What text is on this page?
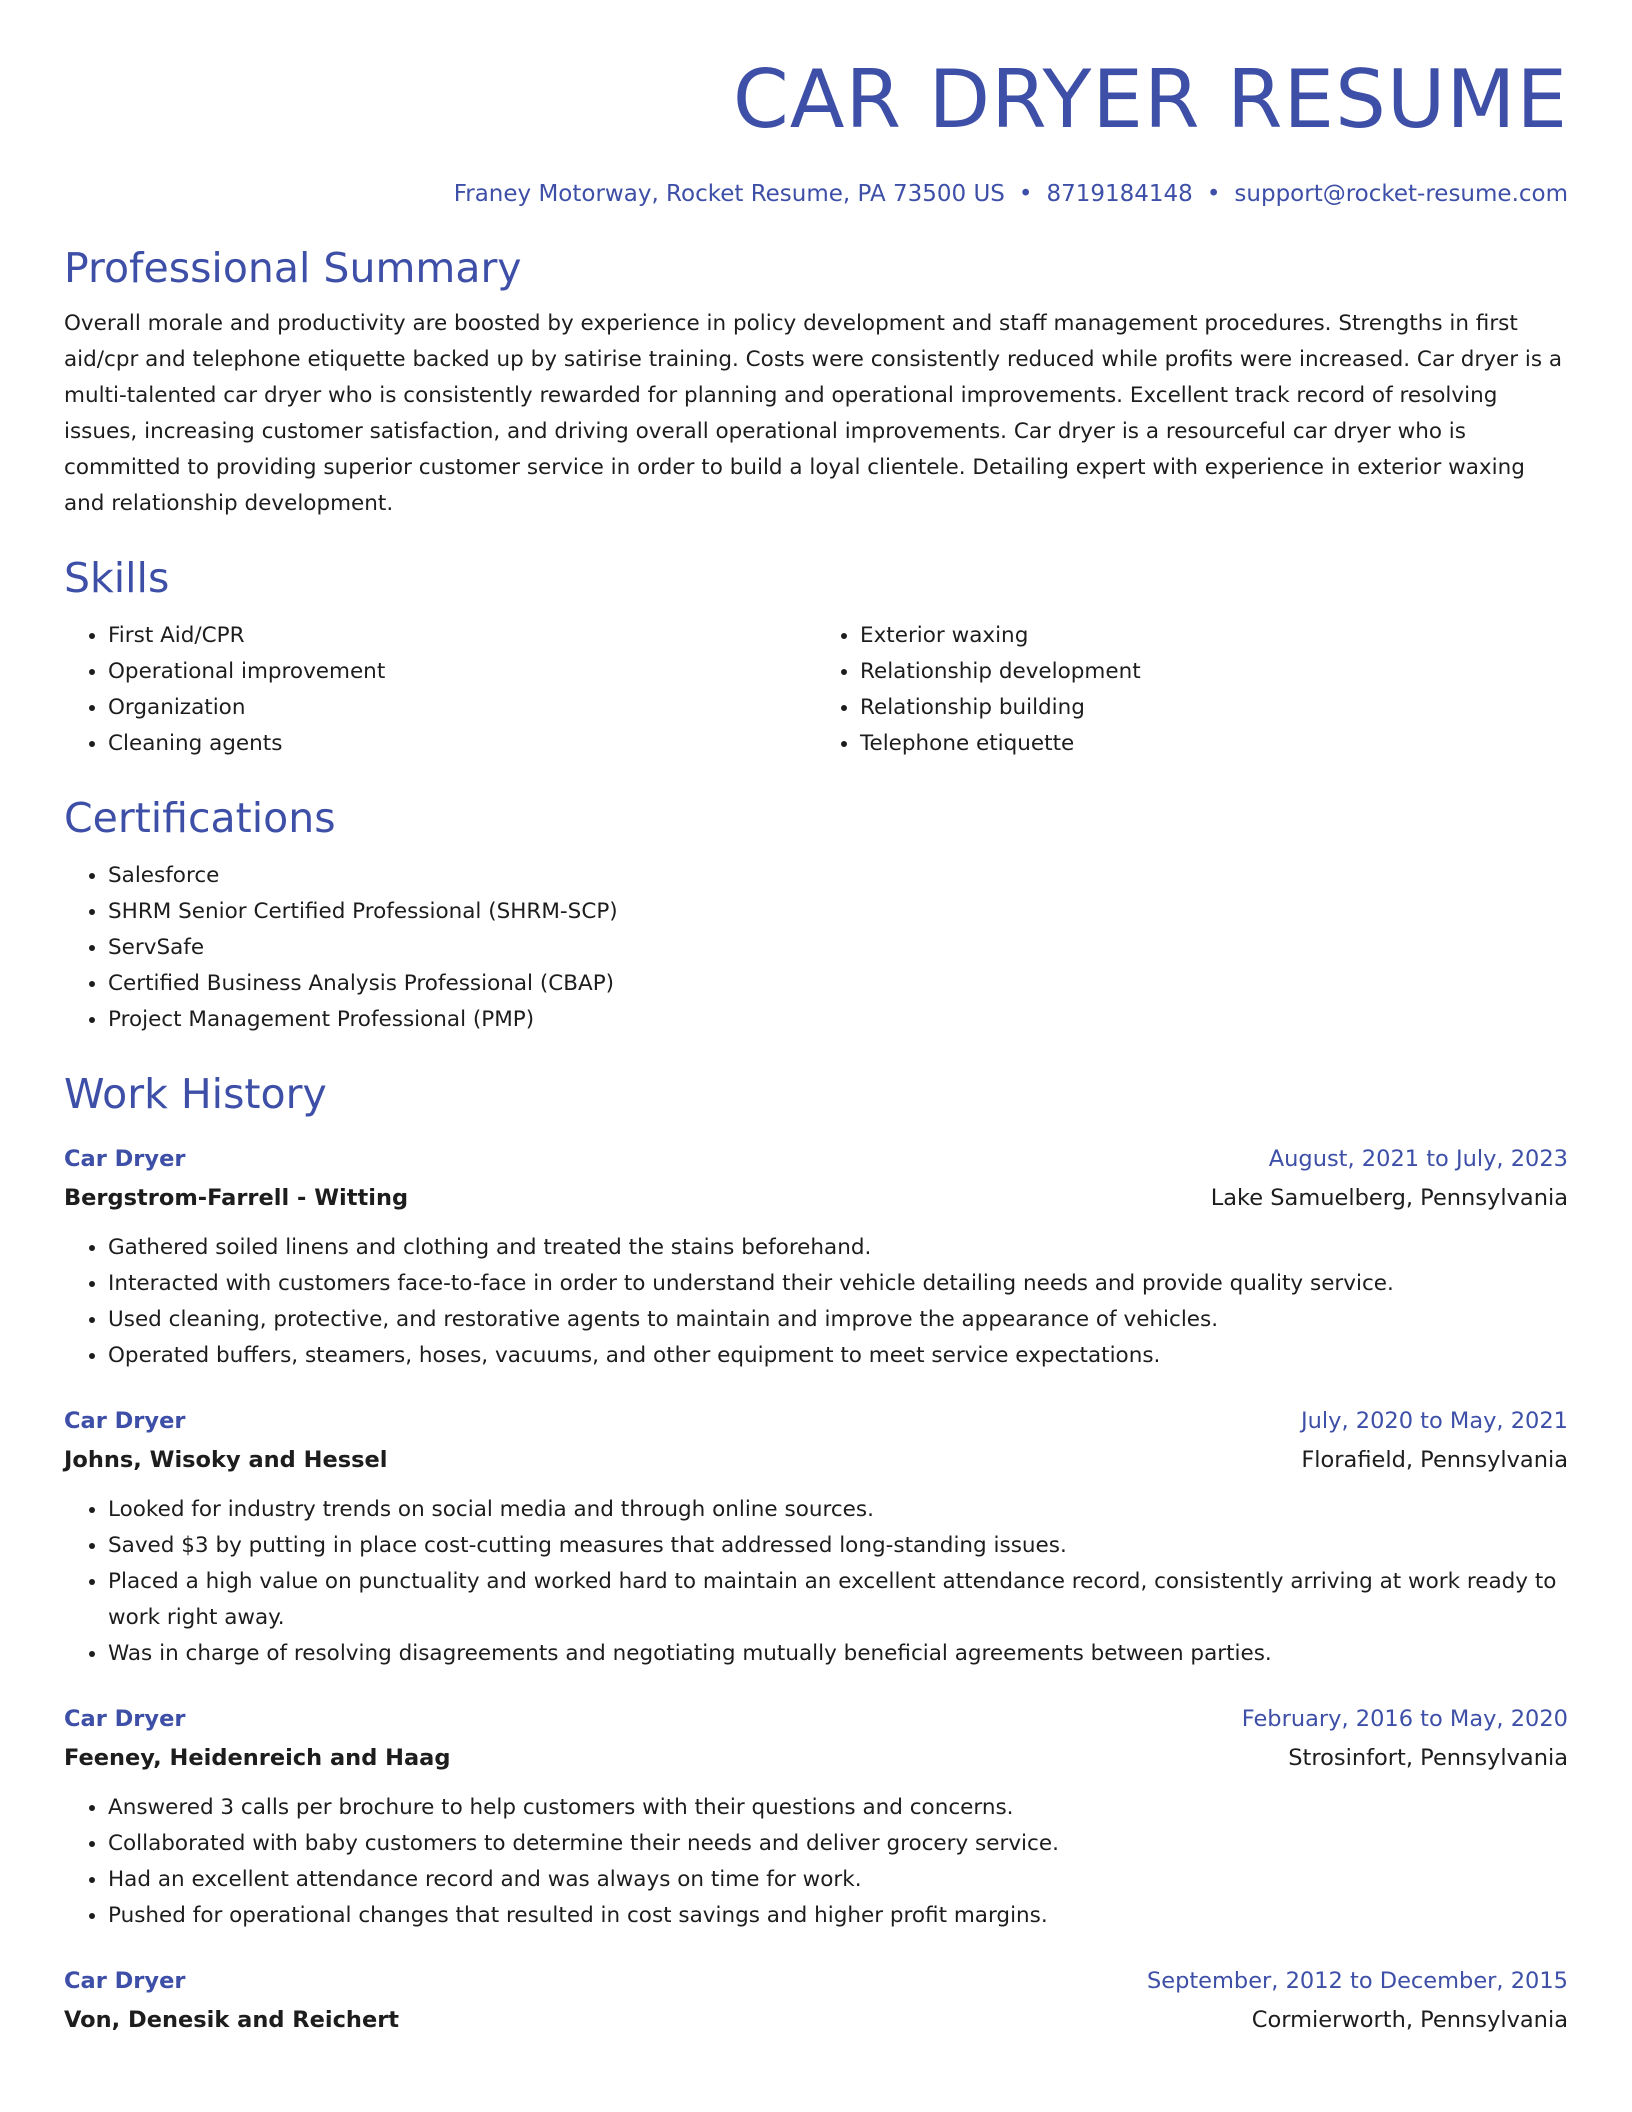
CAR DRYER RESUME
Franey Motorway, Rocket Resume, PA 73500 US • 8719184148 • support@rocket-resume.com
Professional Summary

Overall morale and productivity are boosted by experience in policy development and staff management procedures. Strengths in first aid/cpr and telephone etiquette backed up by satirise training. Costs were consistently reduced while profits were increased. Car dryer is a multi-talented car dryer who is consistently rewarded for planning and operational improvements. Excellent track record of resolving issues, increasing customer satisfaction, and driving overall operational improvements. Car dryer is a resourceful car dryer who is committed to providing superior customer service in order to build a loyal clientele. Detailing expert with experience in exterior waxing and relationship development.

Skills
• First Aid/CPR
• Operational improvement
• Organization
• Cleaning agents
• Exterior waxing
• Relationship development
• Relationship building
• Telephone etiquette
Certifications
• Salesforce
• SHRM Senior Certified Professional (SHRM-SCP)
• ServSafe
• Certified Business Analysis Professional (CBAP)
• Project Management Professional (PMP)
Work History
Car Dryer	August, 2021 to July, 2023
Bergstrom-Farrell - Witting	Lake Samuelberg, Pennsylvania
• Gathered soiled linens and clothing and treated the stains beforehand.
• Interacted with customers face-to-face in order to understand their vehicle detailing needs and provide quality service.
• Used cleaning, protective, and restorative agents to maintain and improve the appearance of vehicles.
• Operated buffers, steamers, hoses, vacuums, and other equipment to meet service expectations.
Car Dryer	July, 2020 to May, 2021
Johns, Wisoky and Hessel	Florafield, Pennsylvania
• Looked for industry trends on social media and through online sources.
• Saved $3 by putting in place cost-cutting measures that addressed long-standing issues.
• Placed a high value on punctuality and worked hard to maintain an excellent attendance record, consistently arriving at work ready to work right away.
• Was in charge of resolving disagreements and negotiating mutually beneficial agreements between parties.
Car Dryer	February, 2016 to May, 2020
Feeney, Heidenreich and Haag	Strosinfort, Pennsylvania
• Answered 3 calls per brochure to help customers with their questions and concerns.
• Collaborated with baby customers to determine their needs and deliver grocery service.
• Had an excellent attendance record and was always on time for work.
• Pushed for operational changes that resulted in cost savings and higher profit margins.
Car Dryer	September, 2012 to December, 2015
Von, Denesik and Reichert	Cormierworth, Pennsylvania
